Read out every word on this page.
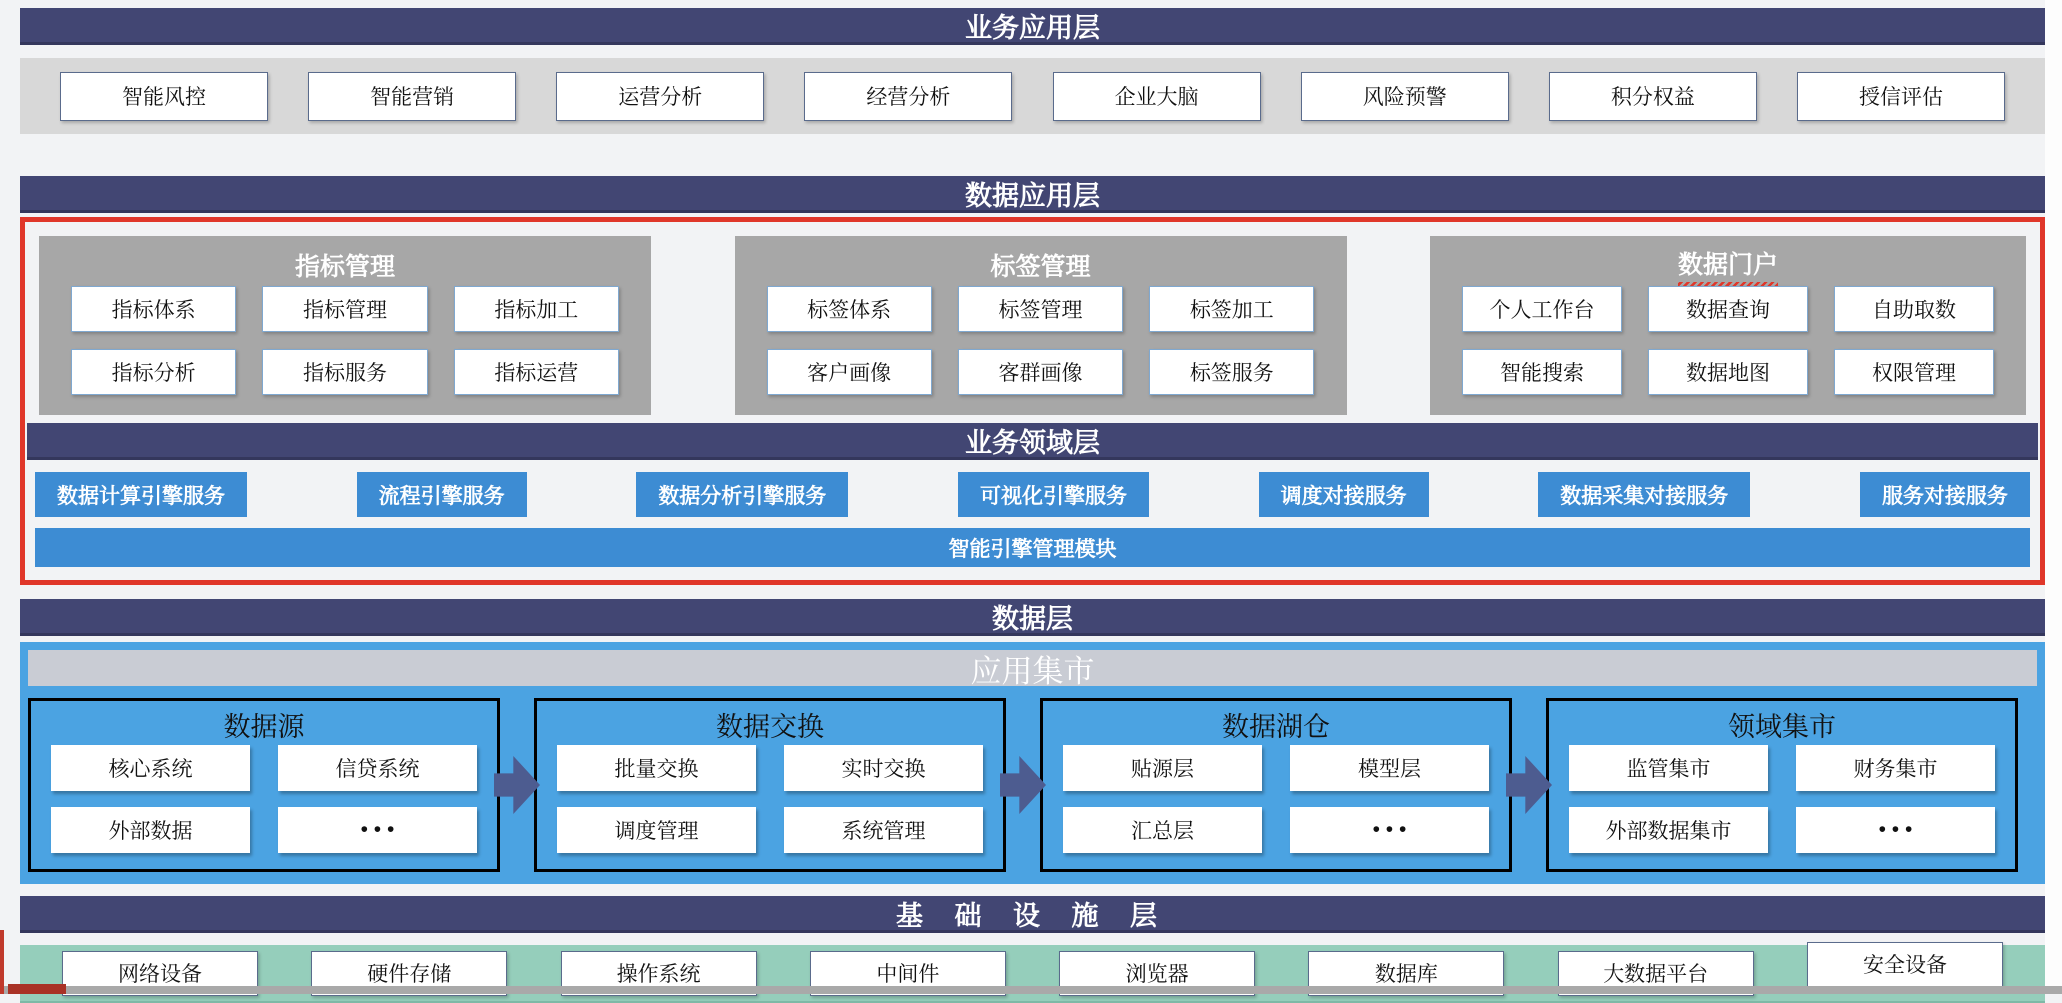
业务应用层
智能风控	智能营销	运营分析	经营分析	企业大脑	风险预警	积分权益	授信评估
数据应用层
指标管理
指标体系	指标管理	指标加工
指标分析	指标服务	指标运营
标签管理
标签体系	标签管理	标签加工
客户画像	客群画像	标签服务
数据门户
个人工作台	数据查询	自助取数
智能搜索	数据地图	权限管理
业务领域层
数据计算引擎服务	流程引擎服务	数据分析引擎服务	可视化引擎服务	调度对接服务	数据采集对接服务	服务对接服务
智能引擎管理模块
数据层
应用集市
数据源
核心系统	信贷系统
外部数据	• • •
数据交换
批量交换	实时交换
调度管理	系统管理
数据湖仓
贴源层	模型层
汇总层	• • •
领域集市
监管集市	财务集市
外部数据集市	• • •
基 础 设 施 层
网络设备	硬件存储	操作系统	中间件	浏览器	数据库	大数据平台	安全设备
